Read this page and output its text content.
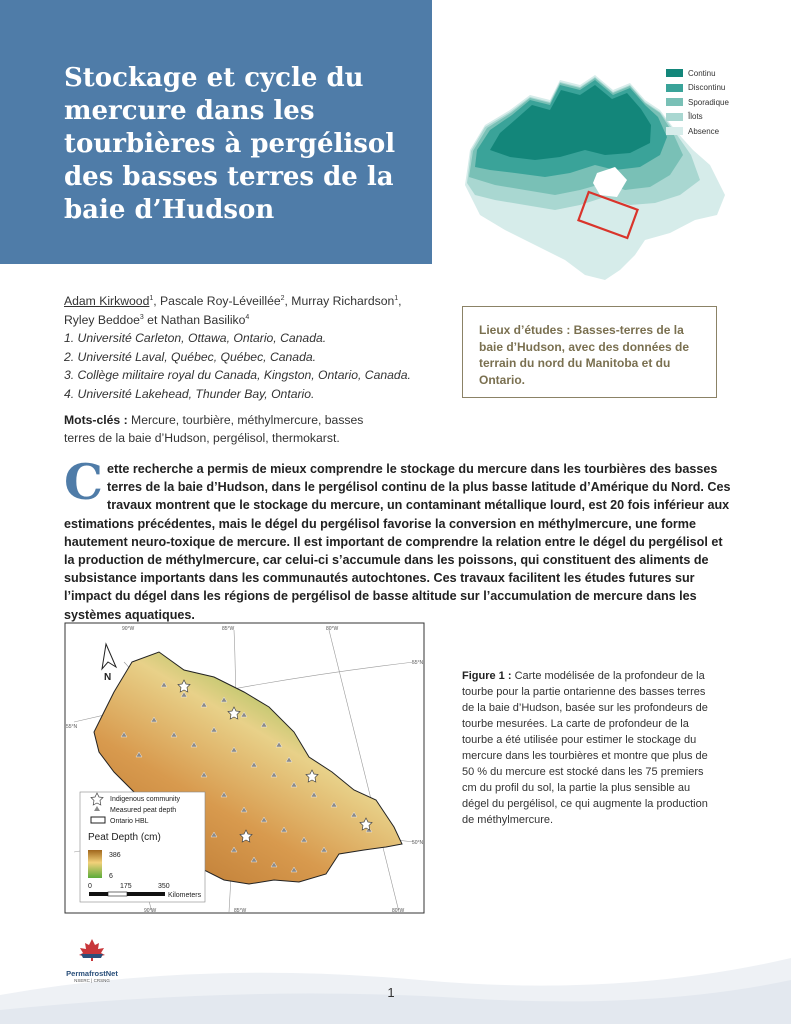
Stockage et cycle du mercure dans les tourbières à pergélisol des basses terres de la baie d’Hudson
Continu
Discontinu
Sporadique
Îlots
Absence
Adam Kirkwood$^1$, Pascale Roy-Léveillée$^2$, Murray Richardson$^1$, Ryley Beddoe$^3$ et Nathan Basiliko$^4$
1. Université Carleton, Ottawa, Ontario, Canada.
2. Université Laval, Québec, Québec, Canada.
3. Collège militaire royal du Canada, Kingston, Ontario, Canada.
4. Université Lakehead, Thunder Bay, Ontario.
Lieux d’études : Basses-terres de la baie d’Hudson, avec des données de terrain du nord du Manitoba et du Ontario.
Mots-clés : Mercure, tourbière, méthylmercure, basses terres de la baie d’Hudson, pergélisol, thermokarst.
Cette recherche a permis de mieux comprendre le stockage du mercure dans les tourbières des basses terres de la baie d’Hudson, dans le pergélisol continu de la plus basse latitude d’Amérique du Nord. Ces travaux montrent que le stockage du mercure, un contaminant métallique lourd, est 20 fois inférieur aux estimations précédentes, mais le dégel du pergélisol favorise la conversion en méthylmercure, une forme hautement neuro-toxique de mercure. Il est important de comprendre la relation entre le dégel du pergélisol et la production de méthylmercure, car celui-ci s’accumule dans les poissons, qui constituent des aliments de subsistance importants dans les communautés autochtones. Ces travaux facilitent les études futures sur l’impact du dégel dans les régions de pergélisol de basse altitude sur l’accumulation de mercure dans les systèmes aquatiques.
N
90°W	85°W	80°W
90°W	85°W	80°W
55°N
55°N
50°N
Indigenous community
Measured peat depth
Ontario HBL
Peat Depth (cm)
386
6
0	175	350
Kilometers
Figure 1 : Carte modélisée de la profondeur de la tourbe pour la partie ontarienne des basses terres de la baie d’Hudson, basée sur les profondeurs de tourbe mesurées. La carte de profondeur de la tourbe a été utilisée pour estimer le stockage du mercure dans les tourbières et montre que plus de 50 % du mercure est stocké dans les 75 premiers cm du profil du sol, la partie la plus sensible au dégel du pergélisol, ce qui augmente la production de méthylmercure.
PermafrostNet
NSERC | CRSNG
1
